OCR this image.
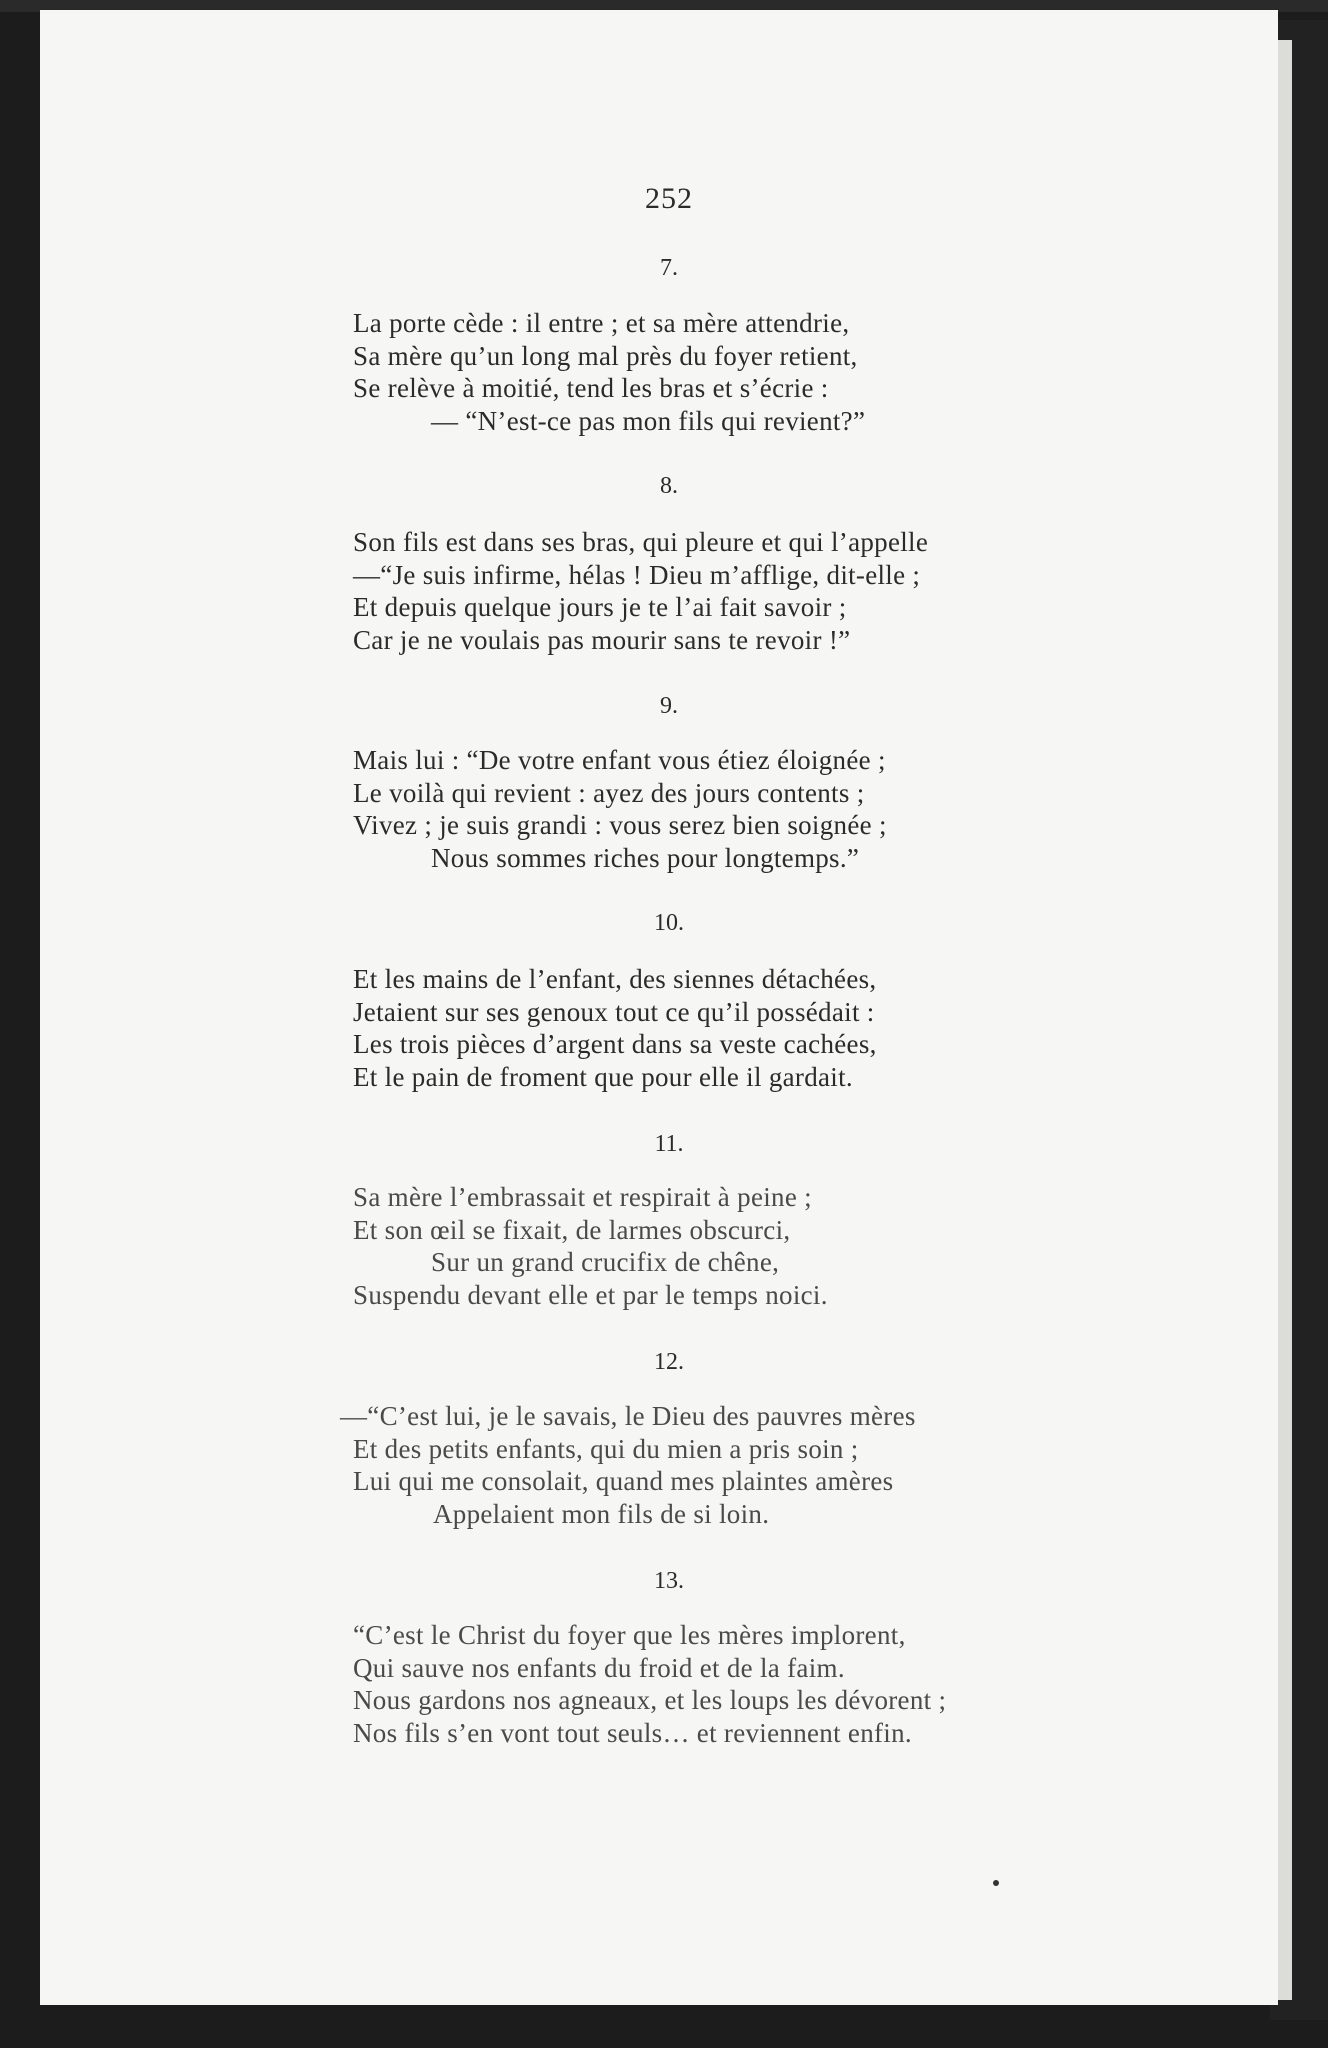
252
7.
La porte cède : il entre ; et sa mère attendrie,
Sa mère qu’un long mal près du foyer retient,
Se relève à moitié, tend les bras et s’écrie :
— “N’est-ce pas mon fils qui revient?”
8.
Son fils est dans ses bras, qui pleure et qui l’appelle
—“Je suis infirme, hélas ! Dieu m’afflige, dit-elle ;
Et depuis quelque jours je te l’ai fait savoir ;
Car je ne voulais pas mourir sans te revoir !”
9.
Mais lui : “De votre enfant vous étiez éloignée ;
Le voilà qui revient : ayez des jours contents ;
Vivez ; je suis grandi : vous serez bien soignée ;
Nous sommes riches pour longtemps.”
10.
Et les mains de l’enfant, des siennes détachées,
Jetaient sur ses genoux tout ce qu’il possédait :
Les trois pièces d’argent dans sa veste cachées,
Et le pain de froment que pour elle il gardait.
11.
Sa mère l’embrassait et respirait à peine ;
Et son œil se fixait, de larmes obscurci,
Sur un grand crucifix de chêne,
Suspendu devant elle et par le temps noici.
12.
—“C’est lui, je le savais, le Dieu des pauvres mères
Et des petits enfants, qui du mien a pris soin ;
Lui qui me consolait, quand mes plaintes amères
Appelaient mon fils de si loin.
13.
“C’est le Christ du foyer que les mères implorent,
Qui sauve nos enfants du froid et de la faim.
Nous gardons nos agneaux, et les loups les dévorent ;
Nos fils s’en vont tout seuls… et reviennent enfin.
